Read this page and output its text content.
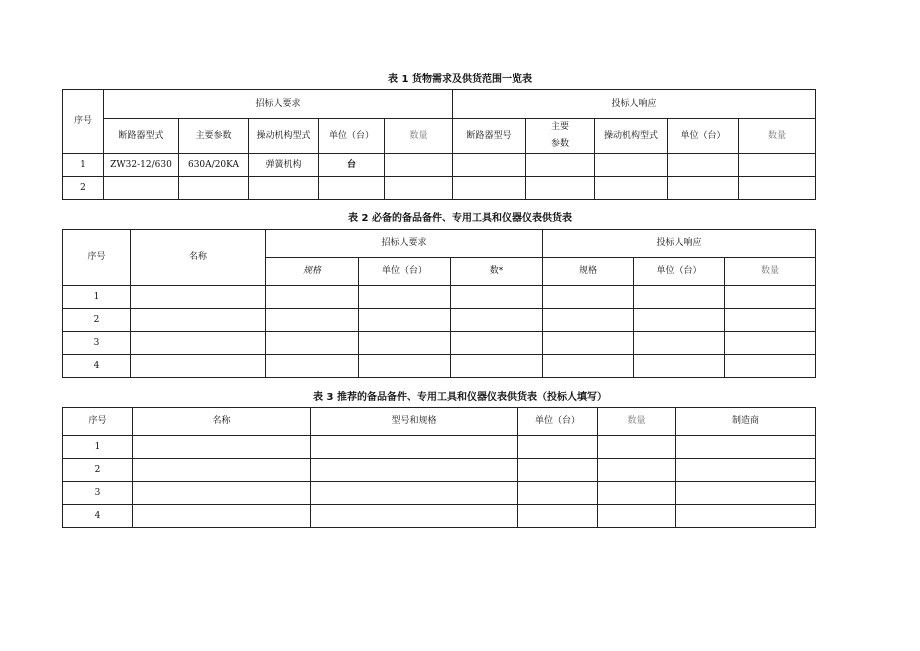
表 1 货物需求及供货范围一览表
序号	招标人要求					投标人响应				
	断路器型式	主要参数	操动机构型式	单位（台）	数量	断路器型号	主要
参数	操动机构型式	单位（台）	数量
1	ZW32-12/630	630A/20KA	弹簧机构	台						
2										
表 2 必备的备品备件、专用工具和仪器仪表供货表
序号	名称	招标人要求			投标人响应		
		规格	单位（台）	数*	规格	单位（台）	数量
1							
2							
3							
4							
表 3 推荐的备品备件、专用工具和仪器仪表供货表（投标人填写）
序号	名称	型号和规格	单位（台）	数量	制造商
1					
2					
3					
4					
